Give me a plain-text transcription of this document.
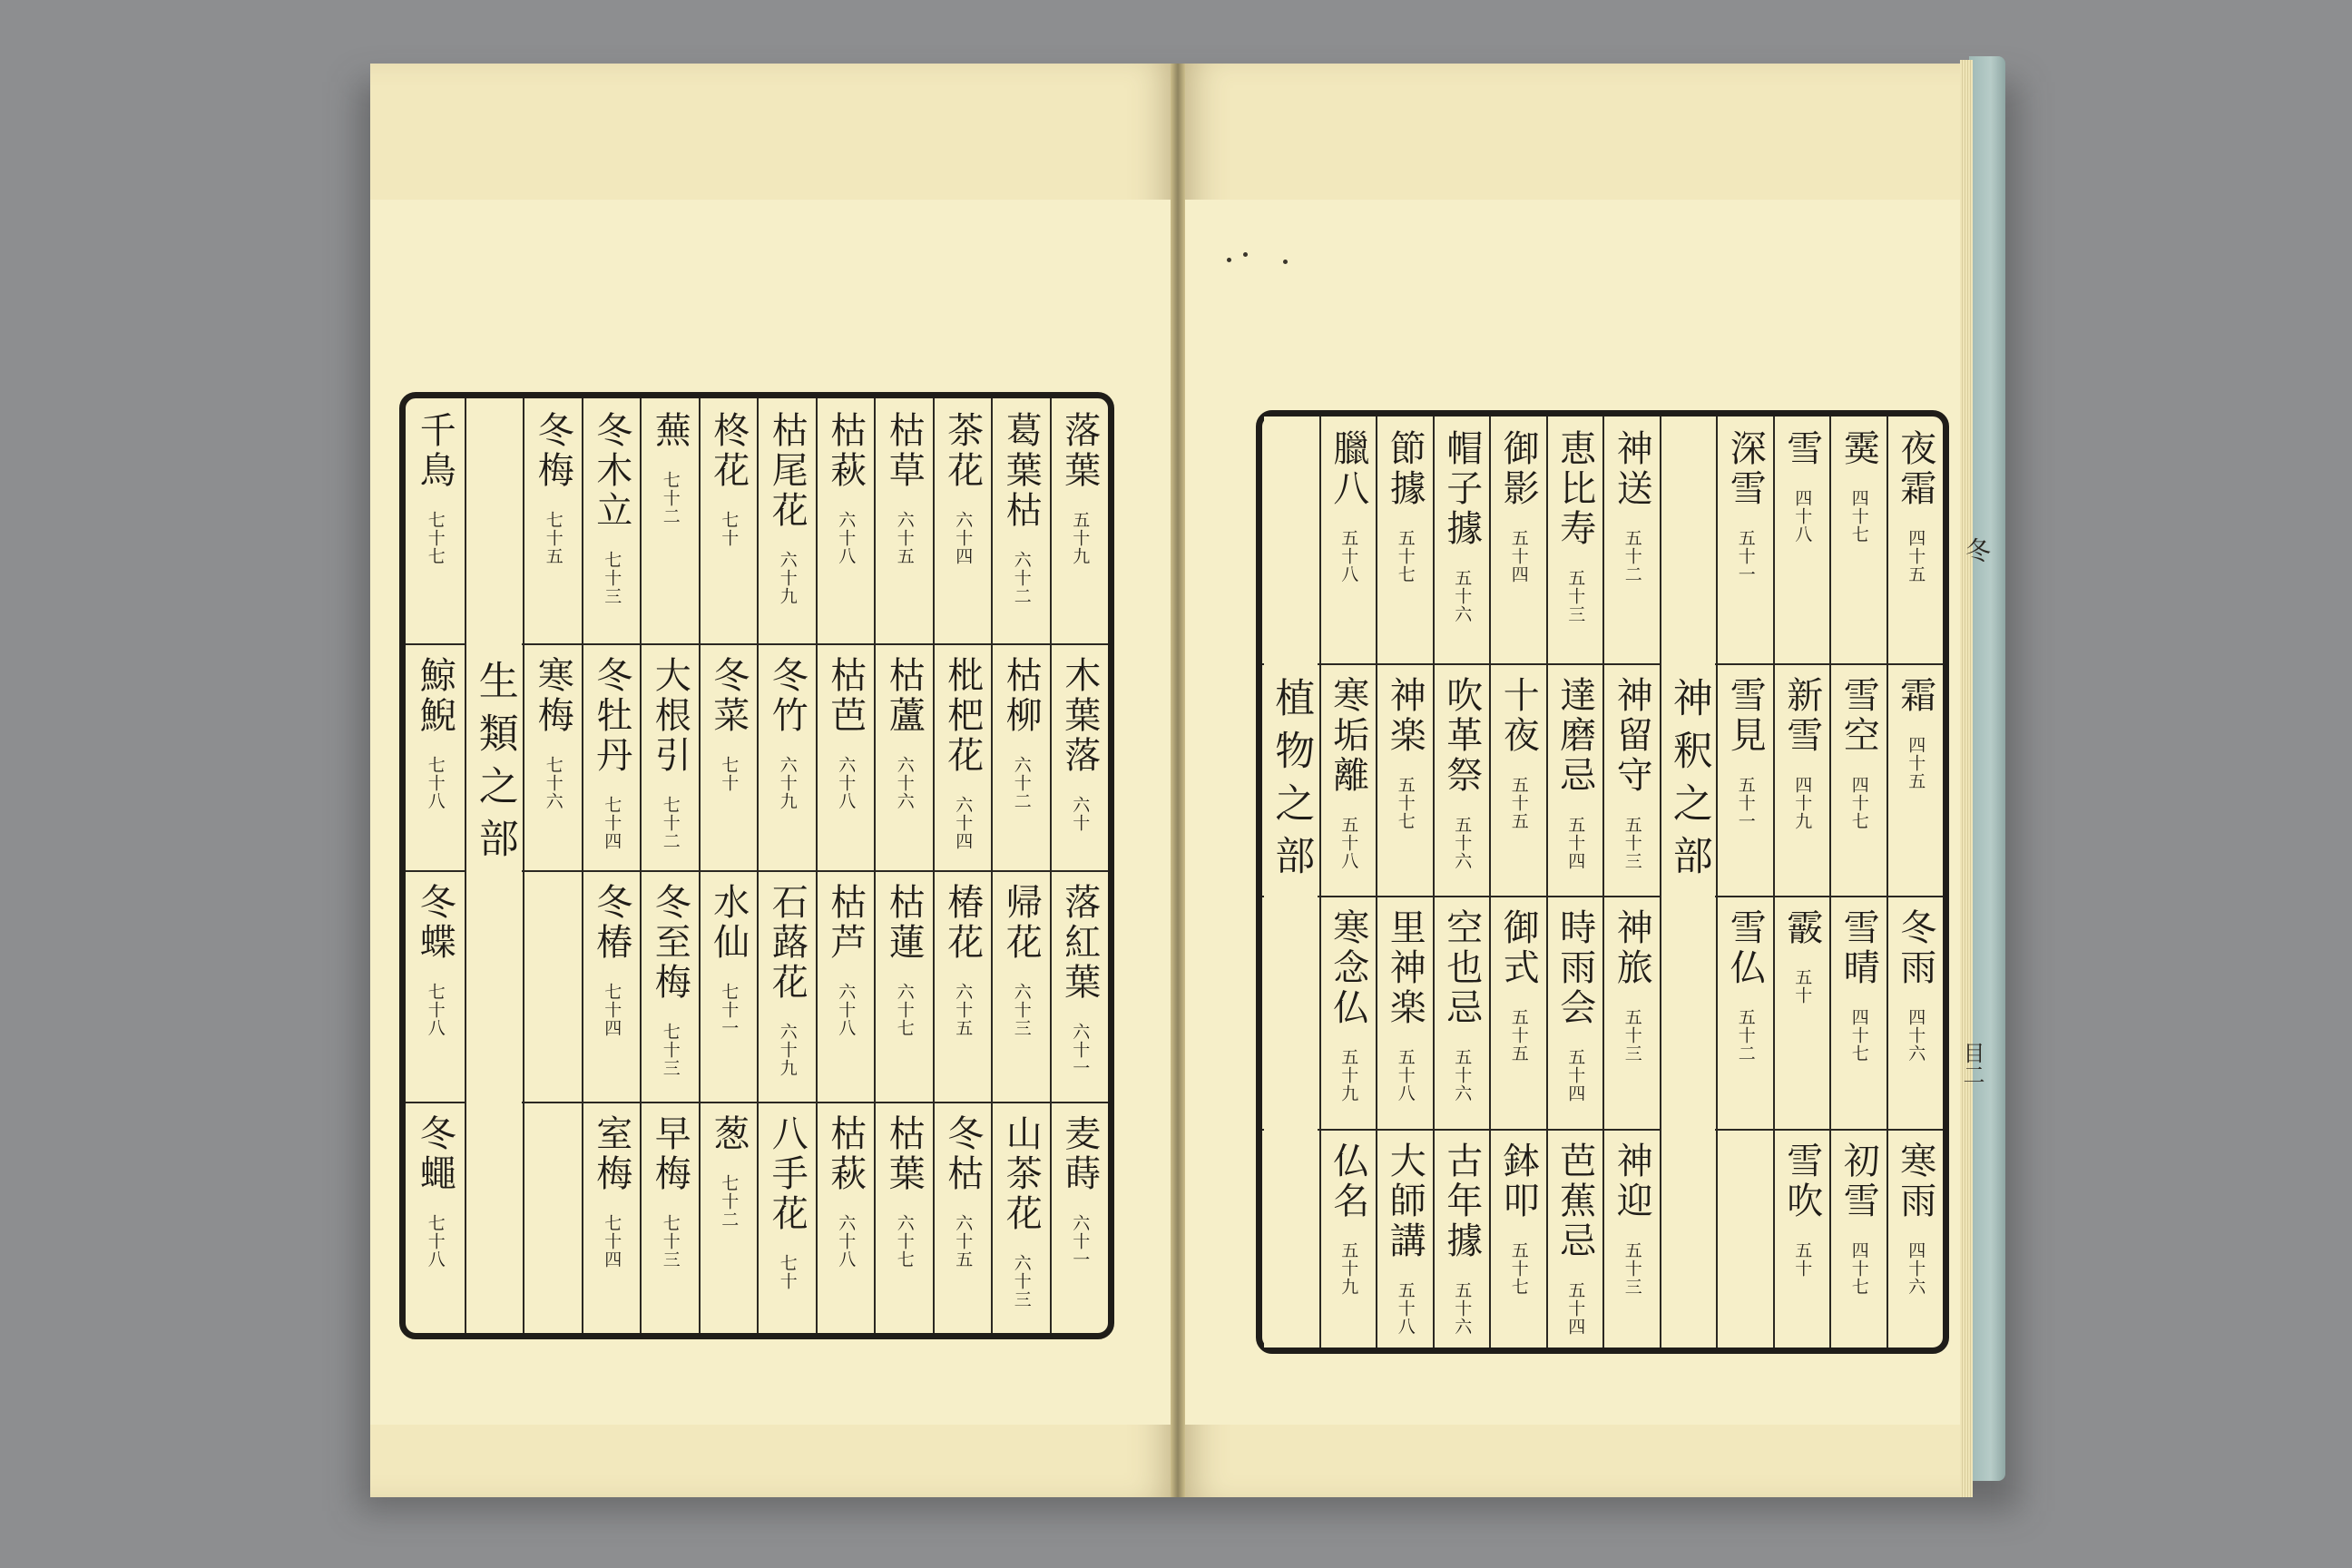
冬
目二
落葉
五十九
木葉落
六十
落紅葉
六十一
麦蒔
六十一
葛葉枯
六十二
枯柳
六十二
帰花
六十三
山茶花
六十三
茶花
六十四
枇杷花
六十四
椿花
六十五
冬枯
六十五
枯草
六十五
枯蘆
六十六
枯蓮
六十七
枯葉
六十七
枯萩
六十八
枯芭
六十八
枯芦
六十八
枯萩
六十八
枯尾花
六十九
冬竹
六十九
石蕗花
六十九
八手花
七十
柊花
七十
冬菜
七十
水仙
七十一
葱
七十二
蕪
七十二
大根引
七十二
冬至梅
七十三
早梅
七十三
冬木立
七十三
冬牡丹
七十四
冬椿
七十四
室梅
七十四
冬梅
七十五
寒梅
七十六
生類之部
千鳥
七十七
鯨鯢
七十八
冬蝶
七十八
冬蠅
七十八
夜霜
四十五
霜
四十五
冬雨
四十六
寒雨
四十六
霙
四十七
雪空
四十七
雪晴
四十七
初雪
四十七
雪
四十八
新雪
四十九
霰
五十
雪吹
五十
深雪
五十一
雪見
五十一
雪仏
五十二
神釈之部
神送
五十二
神留守
五十三
神旅
五十三
神迎
五十三
恵比寿
五十三
達磨忌
五十四
時雨会
五十四
芭蕉忌
五十四
御影
五十四
十夜
五十五
御式
五十五
鉢叩
五十七
帽子據
五十六
吹革祭
五十六
空也忌
五十六
古年據
五十六
節據
五十七
神楽
五十七
里神楽
五十八
大師講
五十八
臘八
五十八
寒垢離
五十八
寒念仏
五十九
仏名
五十九
植物之部
